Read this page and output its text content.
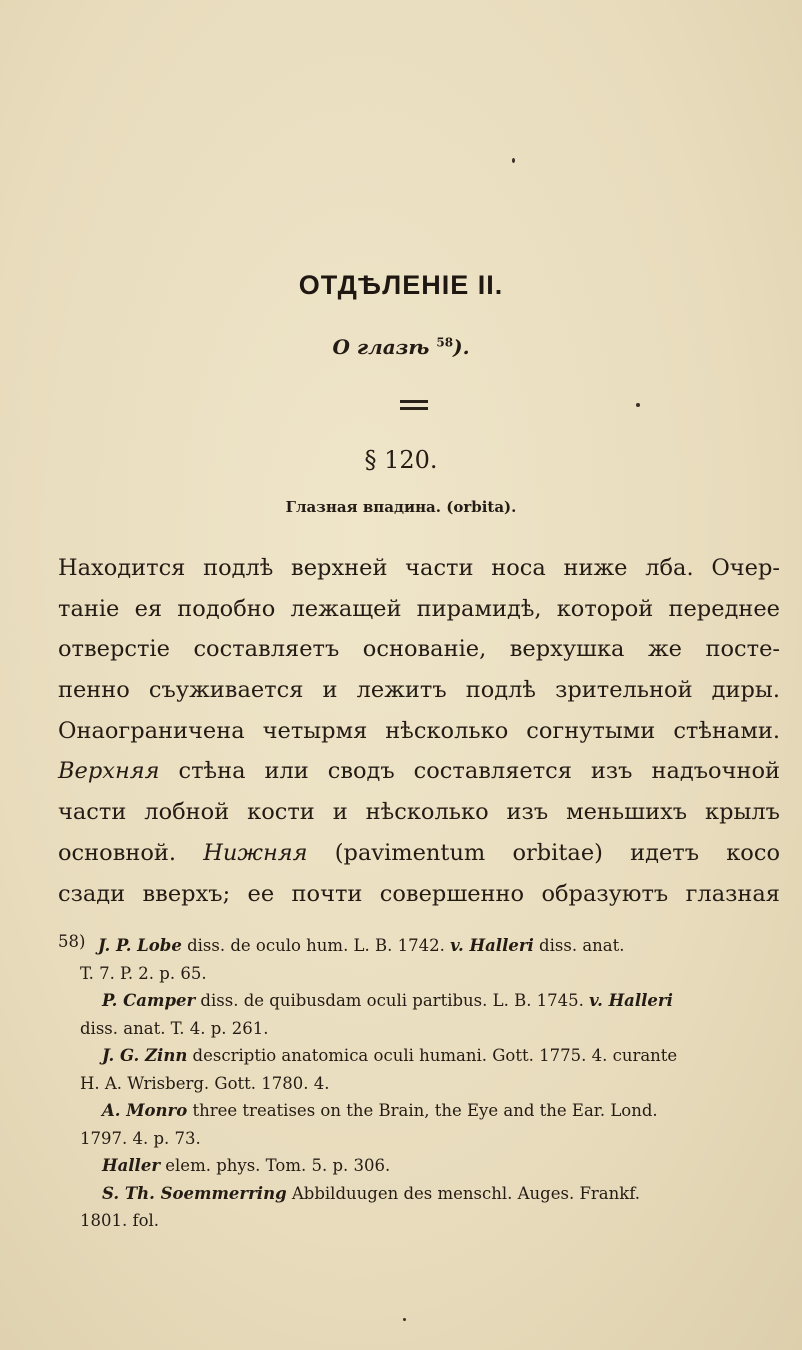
ОТДѢЛЕНІЕ II.
О глазѣ $^{58}$).
§ 120.
Глазная впадина. (orbita).
Находится подлѣ верхней части носа ниже лба. Очер-
таніе ея подобно лежащей пирамидѣ, которой переднее
отверстіе составляетъ основаніе, верхушка же посте-
пенно съуживается и лежитъ подлѣ зрительной диры.
Онаограничена четырмя нѣсколько согнутыми стѣнами.
Верхняя стѣна или сводъ составляется изъ надъочной
части лобной кости и нѣсколько изъ меньшихъ крылъ
основной. Нижняя (pavimentum orbitae) идетъ косо
сзади вверхъ; ее почти совершенно образуютъ глазная
58) J. P. Lobe diss. de oculo hum. L. B. 1742. v. Halleri diss. anat.
T. 7. P. 2. p. 65.
P. Camper diss. de quibusdam oculi partibus. L. B. 1745. v. Halleri
diss. anat. T. 4. p. 261.
J. G. Zinn descriptio anatomica oculi humani. Gott. 1775. 4. curante
H. A. Wrisberg. Gott. 1780. 4.
A. Monro three treatises on the Brain, the Eye and the Ear. Lond.
1797. 4. p. 73.
Haller elem. phys. Tom. 5. p. 306.
S. Th. Soemmerring Abbilduugen des menschl. Auges. Frankf.
1801. fol.
